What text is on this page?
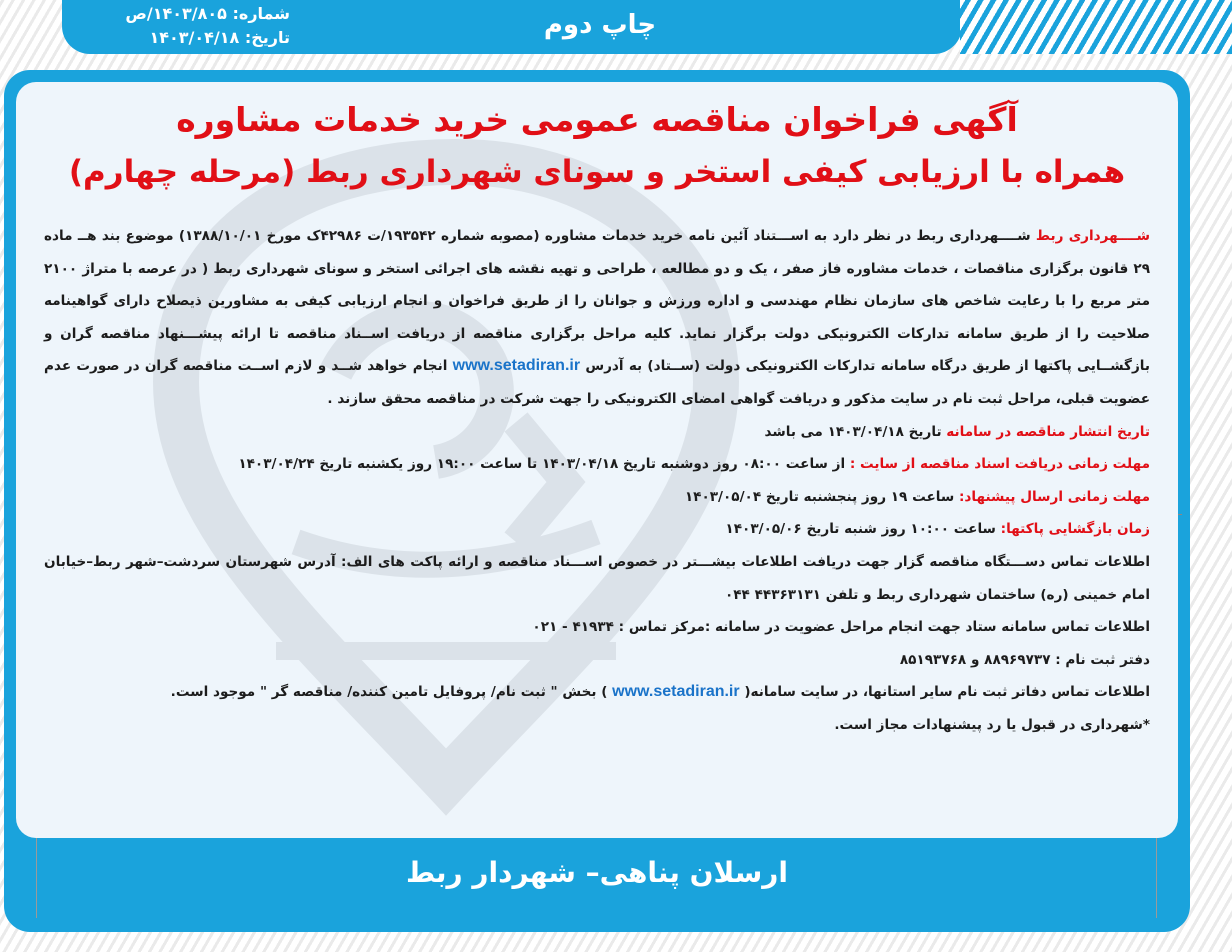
چاپ دوم
شماره: ۱۴۰۳/۸۰۵/ص
تاریخ: ۱۴۰۳/۰۴/۱۸
آگهی فراخوان مناقصه عمومی خرید خدمات مشاوره
همراه با ارزیابی کیفی استخر و سونای شهرداری ربط (مرحله چهارم)

شــــهرداری ربط شــــهرداری ربط در نظر دارد به اســـتناد آئین نامه خرید خدمات مشاوره (مصوبه شماره ۱۹۳۵۴۲/ت ۴۲۹۸۶ک مورخ ۱۳۸۸/۱۰/۰۱) موضوع بند هــ ماده ۲۹ قانون برگزاری مناقصات ، خدمات مشاوره فاز صفر ، یک و دو مطالعه ، طراحی و تهیه نقشه های اجرائی استخر و سونای شهرداری ربط ( در عرصه با متراژ ۲۱۰۰ متر مربع را با رعایت شاخص های سازمان نظام مهندسی و اداره ورزش و جوانان را از طریق فراخوان و انجام ارزیابی کیفی به مشاورین ذیصلاح دارای گواهینامه صلاحیت را از طریق سامانه تدارکات الکترونیکی دولت برگزار نماید. کلیه مراحل برگزاری مناقصه از دریافت اســناد مناقصه تا ارائه پیشـــنهاد مناقصه گران و بازگشــایی پاکتها از طریق درگاه سامانه تدارکات الکترونیکی دولت (ســتاد) به آدرس www.setadiran.ir انجام خواهد شــد و لازم اســت مناقصه گران در صورت عدم عضویت قبلی، مراحل ثبت نام در سایت مذکور و دریافت گواهی امضای الکترونیکی را جهت شرکت در مناقصه محقق سازند .

تاریخ انتشار مناقصه در سامانه تاریخ ۱۴۰۳/۰۴/۱۸ می باشد

مهلت زمانی دریافت اسناد مناقصه از سایت : از ساعت ۰۸:۰۰ روز دوشنبه تاریخ ۱۴۰۳/۰۴/۱۸ تا ساعت ۱۹:۰۰ روز یکشنبه تاریخ ۱۴۰۳/۰۴/۲۴

مهلت زمانی ارسال پیشنهاد: ساعت ۱۹ روز پنجشنبه تاریخ ۱۴۰۳/۰۵/۰۴

زمان بازگشایی پاکتها: ساعت ۱۰:۰۰ روز شنبه تاریخ ۱۴۰۳/۰۵/۰۶

اطلاعات تماس دســـتگاه مناقصه گزار جهت دریافت اطلاعات بیشـــتر در خصوص اســـناد مناقصه و ارائه پاکت های الف: آدرس شهرستان سردشت–شهر ربط–خیابان امام خمینی (ره) ساختمان شهرداری ربط و تلفن ۴۴۳۶۳۱۳۱ ۰۴۴

اطلاعات تماس سامانه ستاد جهت انجام مراحل عضویت در سامانه :مرکز تماس : ۴۱۹۳۴ - ۰۲۱

دفتر ثبت نام : ۸۸۹۶۹۷۳۷ و ۸۵۱۹۳۷۶۸

اطلاعات تماس دفاتر ثبت نام سایر استانها، در سایت سامانه( www.setadiran.ir ) بخش " ثبت نام/ پروفایل تامین کننده/ مناقصه گر " موجود است.

*شهرداری در قبول یا رد پیشنهادات مجاز است.

ارسلان پناهی– شهردار ربط
